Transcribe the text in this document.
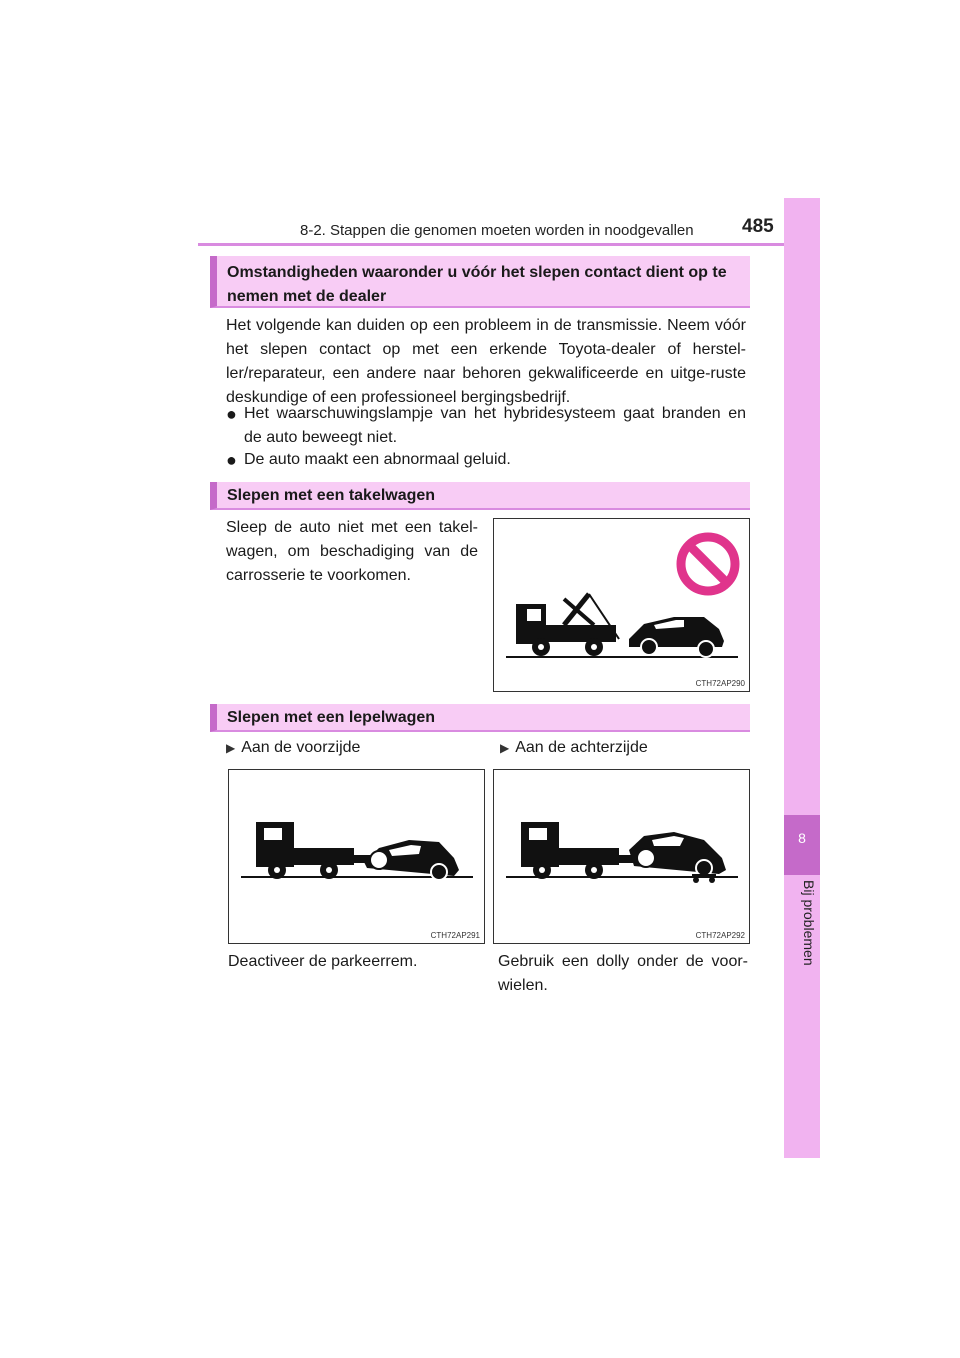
8-2. Stappen die genomen moeten worden in noodgevallen	485
8
Bij problemen
Omstandigheden waaronder u vóór het slepen contact dient op te nemen met de dealer
Het volgende kan duiden op een probleem in de transmissie. Neem vóór het slepen contact op met een erkende Toyota-dealer of herstel-ler/reparateur, een andere naar behoren gekwalificeerde en uitge-ruste deskundige of een professioneel bergingsbedrijf.
● Het waarschuwingslampje van het hybridesysteem gaat branden en de auto beweegt niet.
● De auto maakt een abnormaal geluid.
Slepen met een takelwagen
Sleep de auto niet met een takel-wagen, om beschadiging van de carrosserie te voorkomen.
CTH72AP290
Slepen met een lepelwagen
▶ Aan de voorzijde	▶ Aan de achterzijde
CTH72AP291	CTH72AP292
Deactiveer de parkeerrem.	Gebruik een dolly onder de voor-wielen.
